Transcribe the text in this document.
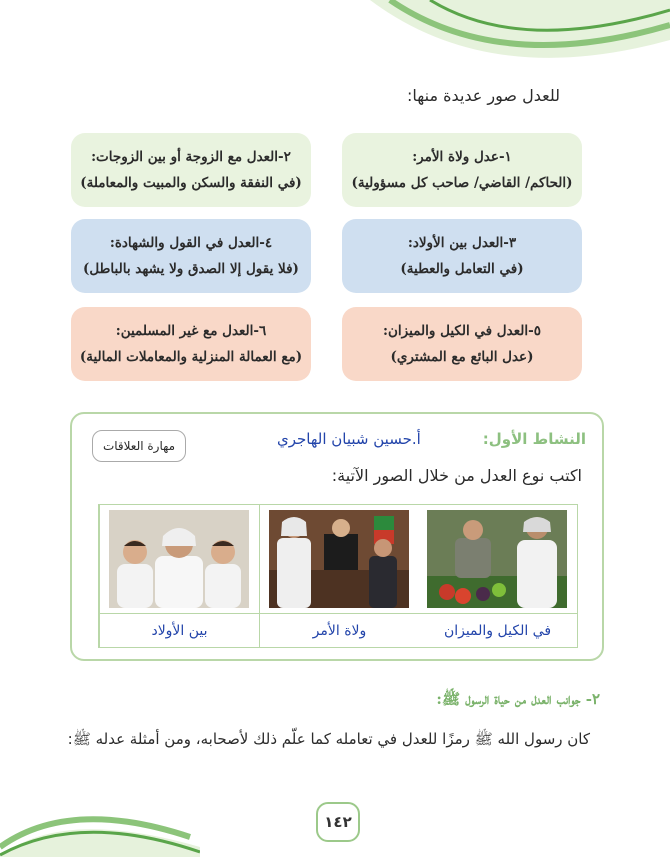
للعدل صور عديدة منها:
١-عدل ولاة الأمر:
(الحاكم/ القاضي/ صاحب كل مسؤولية)
٢-العدل مع الزوجة أو بين الزوجات:
(في النفقة والسكن والمبيت والمعاملة)
٣-العدل بين الأولاد:
(في التعامل والعطية)
٤-العدل في القول والشهادة:
(فلا يقول إلا الصدق ولا يشهد بالباطل)
٥-العدل في الكيل والميزان:
(عدل البائع مع المشتري)
٦-العدل مع غير المسلمين:
(مع العمالة المنزلية والمعاملات المالية)
النشاط الأول:
أ.حسين شبيان الهاجري
مهارة العلاقات
اكتب نوع العدل من خلال الصور الآتية:
في الكيل والميزان
ولاة الأمر
بين الأولاد
٢- جوانب العدل من حياة الرسول ﷺ:
كان رسول الله ﷺ رمزًا للعدل في تعامله كما علّم ذلك لأصحابه، ومن أمثلة عدله ﷺ:
١٤٢
